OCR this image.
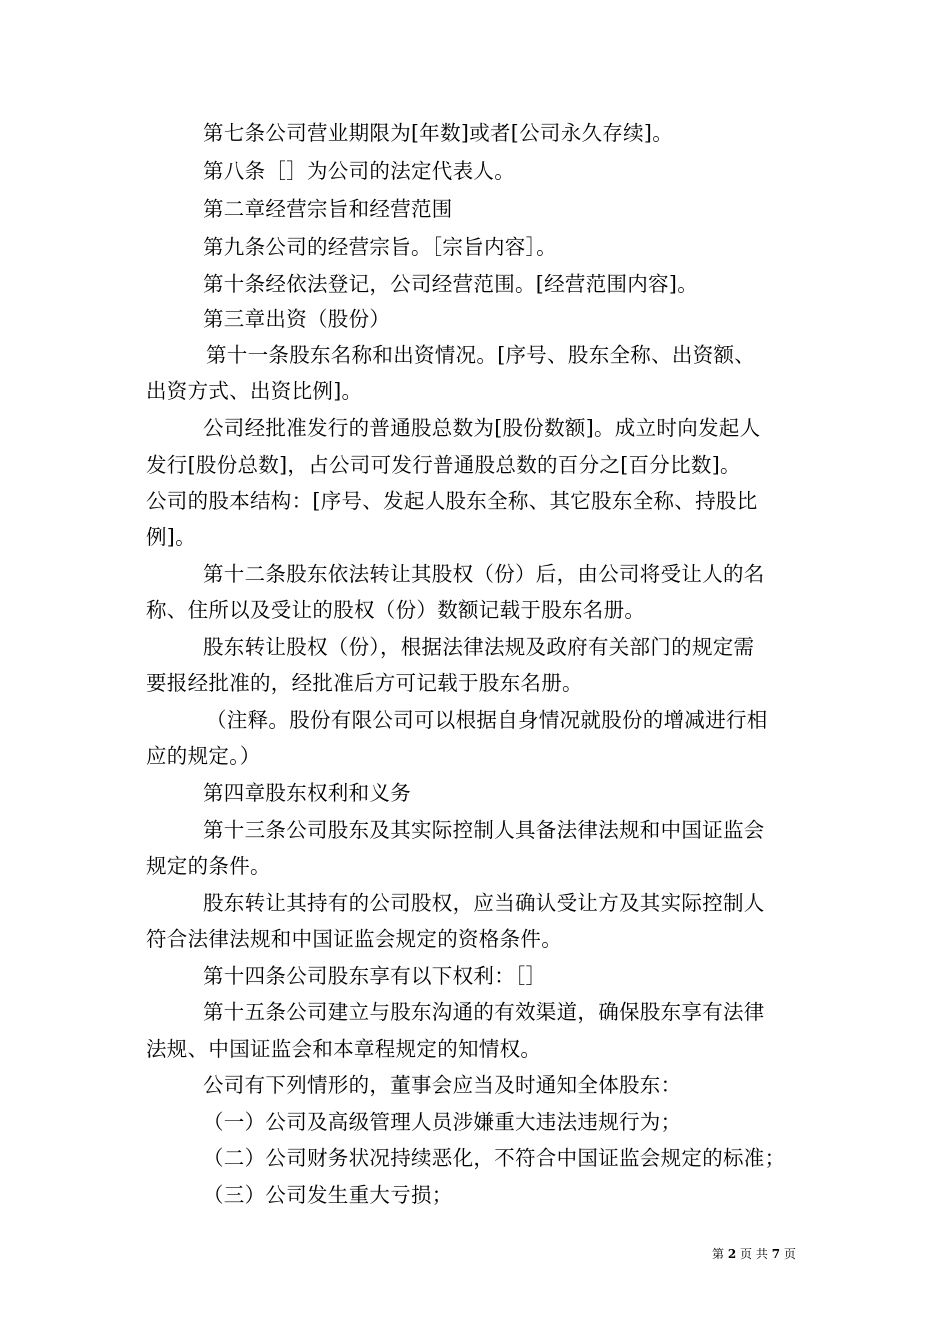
第七条公司营业期限为[年数]或者[公司永久存续]。
第八条［］为公司的法定代表人。
第二章经营宗旨和经营范围
第九条公司的经营宗旨。［宗旨内容］。
第十条经依法登记，公司经营范围。[经营范围内容]。
第三章出资（股份）
第十一条股东名称和出资情况。[序号、股东全称、出资额、
出资方式、出资比例]。
公司经批准发行的普通股总数为[股份数额]。成立时向发起人
发行[股份总数]，占公司可发行普通股总数的百分之[百分比数]。
公司的股本结构：[序号、发起人股东全称、其它股东全称、持股比
例]。
第十二条股东依法转让其股权（份）后，由公司将受让人的名
称、住所以及受让的股权（份）数额记载于股东名册。
股东转让股权（份），根据法律法规及政府有关部门的规定需
要报经批准的，经批准后方可记载于股东名册。
（注释。股份有限公司可以根据自身情况就股份的增减进行相
应的规定。）
第四章股东权利和义务
第十三条公司股东及其实际控制人具备法律法规和中国证监会
规定的条件。
股东转让其持有的公司股权，应当确认受让方及其实际控制人
符合法律法规和中国证监会规定的资格条件。
第十四条公司股东享有以下权利：［］
第十五条公司建立与股东沟通的有效渠道，确保股东享有法律
法规、中国证监会和本章程规定的知情权。
公司有下列情形的，董事会应当及时通知全体股东：
（一）公司及高级管理人员涉嫌重大违法违规行为；
（二）公司财务状况持续恶化，不符合中国证监会规定的标准；
（三）公司发生重大亏损；
第 2 页 共 7 页
